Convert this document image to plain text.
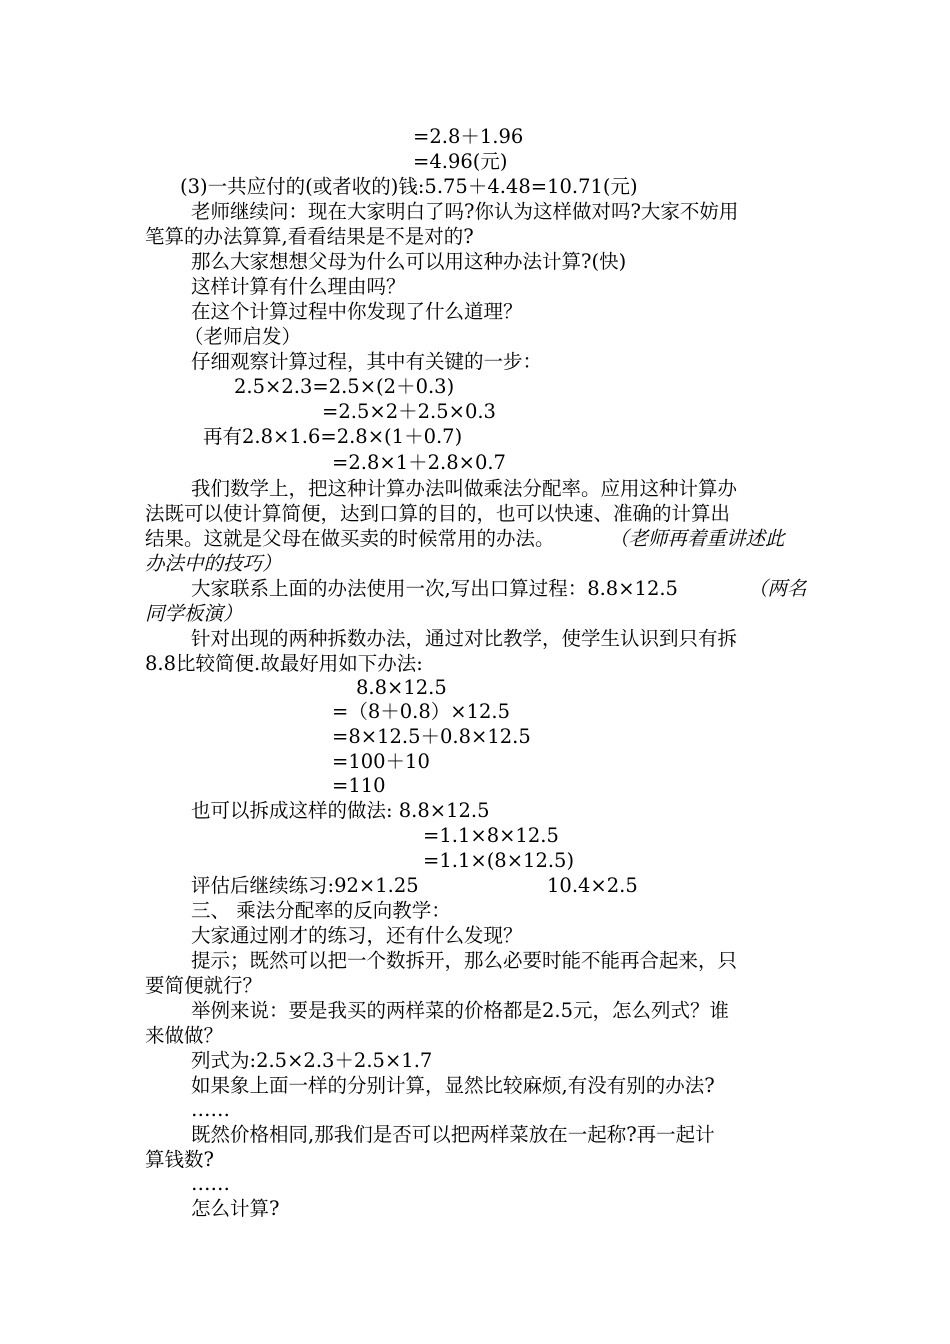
=2.8＋1.96
=4.96(元)
(3)一共应付的(或者收的)钱:5.75＋4.48=10.71(元)
老师继续问：现在大家明白了吗?你认为这样做对吗?大家不妨用
笔算的办法算算,看看结果是不是对的?
那么大家想想父母为什么可以用这种办法计算?(快)
这样计算有什么理由吗？
在这个计算过程中你发现了什么道理？
（老师启发）
仔细观察计算过程，其中有关键的一步：
2.5×2.3=2.5×(2＋0.3)
=2.5×2＋2.5×0.3
再有2.8×1.6=2.8×(1＋0.7)
=2.8×1＋2.8×0.7
我们数学上，把这种计算办法叫做乘法分配率。应用这种计算办
法既可以使计算简便，达到口算的目的，也可以快速、准确的计算出
结果。这就是父母在做买卖的时候常用的办法。	（老师再着重讲述此
办法中的技巧）
大家联系上面的办法使用一次,写出口算过程：8.8×12.5	（两名
同学板演）
针对出现的两种拆数办法，通过对比教学，使学生认识到只有拆
8.8比较简便.故最好用如下办法:
8.8×12.5
=（8＋0.8）×12.5
=8×12.5＋0.8×12.5
=100＋10
=110
也可以拆成这样的做法: 8.8×12.5
=1.1×8×12.5
=1.1×(8×12.5)
评估后继续练习:92×1.25	10.4×2.5
三、 乘法分配率的反向教学：
大家通过刚才的练习，还有什么发现？
提示；既然可以把一个数拆开，那么必要时能不能再合起来，只
要简便就行？
举例来说：要是我买的两样菜的价格都是2.5元，怎么列式？谁
来做做？
列式为:2.5×2.3＋2.5×1.7
如果象上面一样的分别计算，显然比较麻烦,有没有别的办法?
……
既然价格相同,那我们是否可以把两样菜放在一起称?再一起计
算钱数?
……
怎么计算?
